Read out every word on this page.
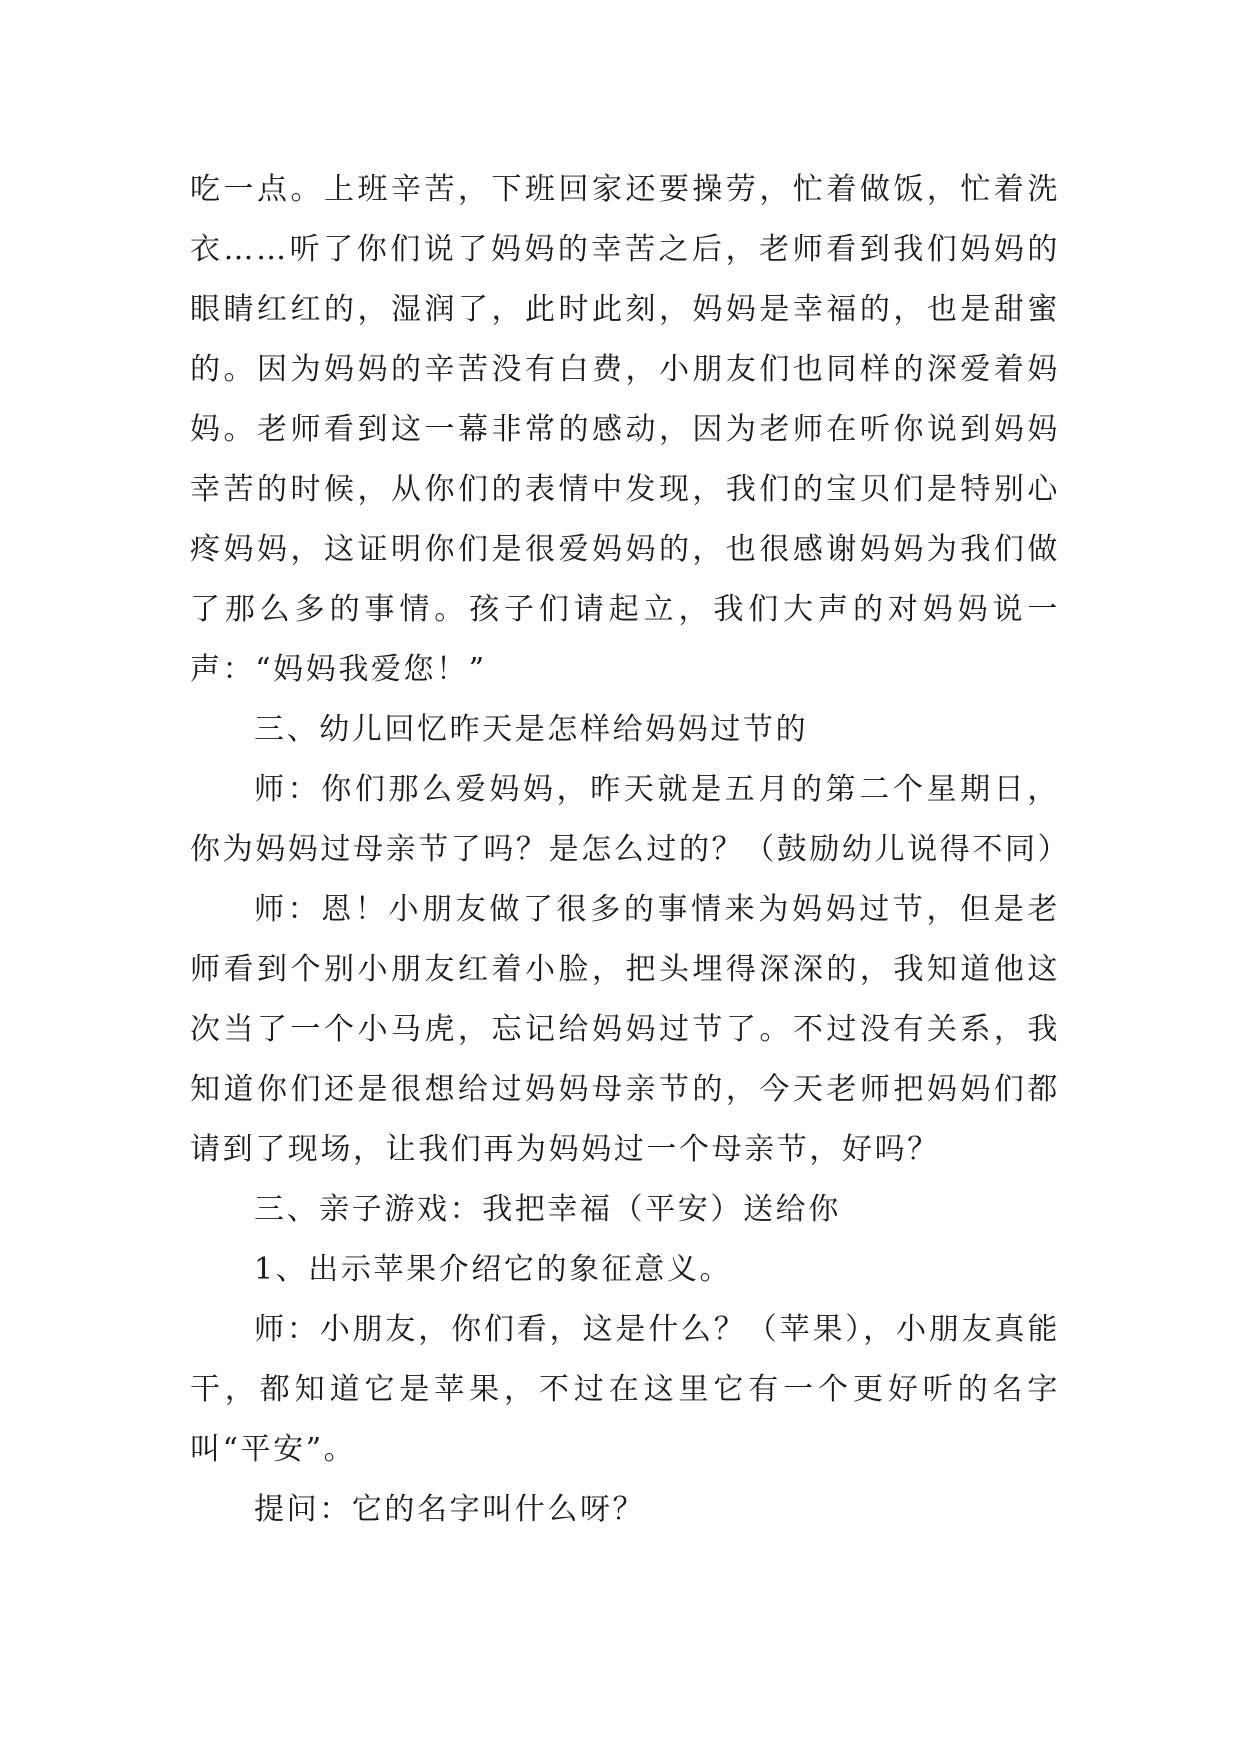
吃一点。上班辛苦，下班回家还要操劳，忙着做饭，忙着洗衣……听了你们说了妈妈的幸苦之后，老师看到我们妈妈的眼睛红红的，湿润了，此时此刻，妈妈是幸福的，也是甜蜜的。因为妈妈的辛苦没有白费，小朋友们也同样的深爱着妈妈。老师看到这一幕非常的感动，因为老师在听你说到妈妈幸苦的时候，从你们的表情中发现，我们的宝贝们是特别心疼妈妈，这证明你们是很爱妈妈的，也很感谢妈妈为我们做了那么多的事情。孩子们请起立，我们大声的对妈妈说一声：“妈妈我爱您！”

三、幼儿回忆昨天是怎样给妈妈过节的

师：你们那么爱妈妈，昨天就是五月的第二个星期日，你为妈妈过母亲节了吗？是怎么过的？（鼓励幼儿说得不同）

师：恩！小朋友做了很多的事情来为妈妈过节，但是老师看到个别小朋友红着小脸，把头埋得深深的，我知道他这次当了一个小马虎，忘记给妈妈过节了。不过没有关系，我知道你们还是很想给过妈妈母亲节的，今天老师把妈妈们都请到了现场，让我们再为妈妈过一个母亲节，好吗？

三、亲子游戏：我把幸福（平安）送给你

1、出示苹果介绍它的象征意义。

师：小朋友，你们看，这是什么？（苹果），小朋友真能干，都知道它是苹果，不过在这里它有一个更好听的名字叫“平安”。

提问：它的名字叫什么呀？
